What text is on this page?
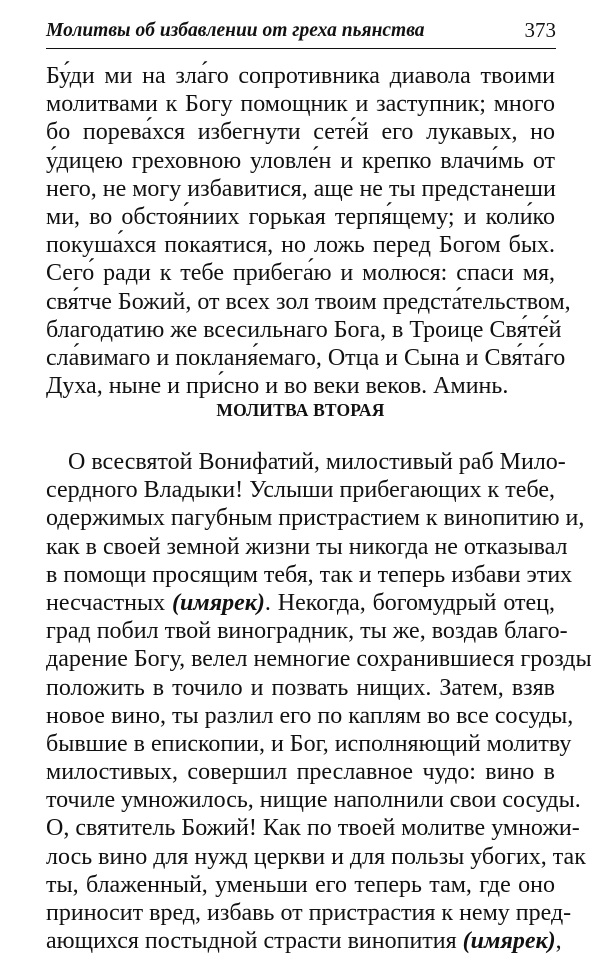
Молитвы об избавлении от греха пьянства	373
Бу́ди ми на зла́го сопротивника диавола твоими
молитвами к Богу помощник и заступник; много
бо порева́хся избегнути сете́й его лукавых, но
у́дицею греховною уловле́н и крепко влачи́мь от
него, не могу избавитися, аще не ты предстанеши
ми, во обстоя́ниих горькая терпя́щему; и коли́ко
покуша́хся покаятися, но ложь перед Богом бых.
Сего́ ради к тебе прибега́ю и молюся: спаси мя,
свя́тче Божий, от всех зол твоим предста́тельством,
благодатию же всесильнаго Бога, в Троице Свя́те́й
сла́вимаго и покланя́емаго, Отца и Сына и Свя́та́го
Духа, ныне и при́сно и во веки веков. Аминь.
МОЛИТВА ВТОРАЯ
О всесвятой Вонифатий, милостивый раб Мило-
сердного Владыки! Услыши прибегающих к тебе,
одержимых пагубным пристрастием к винопитию и,
как в своей земной жизни ты никогда не отказывал
в помощи просящим тебя, так и теперь избави этих
несчастных (имярек). Некогда, богомудрый отец,
град побил твой виноградник, ты же, воздав благо-
дарение Богу, велел немногие сохранившиеся грозды
положить в точило и позвать нищих. Затем, взяв
новое вино, ты разлил его по каплям во все сосуды,
бывшие в епископии, и Бог, исполняющий молитву
милостивых, совершил преславное чудо: вино в
точиле умножилось, нищие наполнили свои сосуды.
О, святитель Божий! Как по твоей молитве умножи-
лось вино для нужд церкви и для пользы убогих, так
ты, блаженный, уменьши его теперь там, где оно
приносит вред, избавь от пристрастия к нему пред-
ающихся постыдной страсти винопития (имярек),
